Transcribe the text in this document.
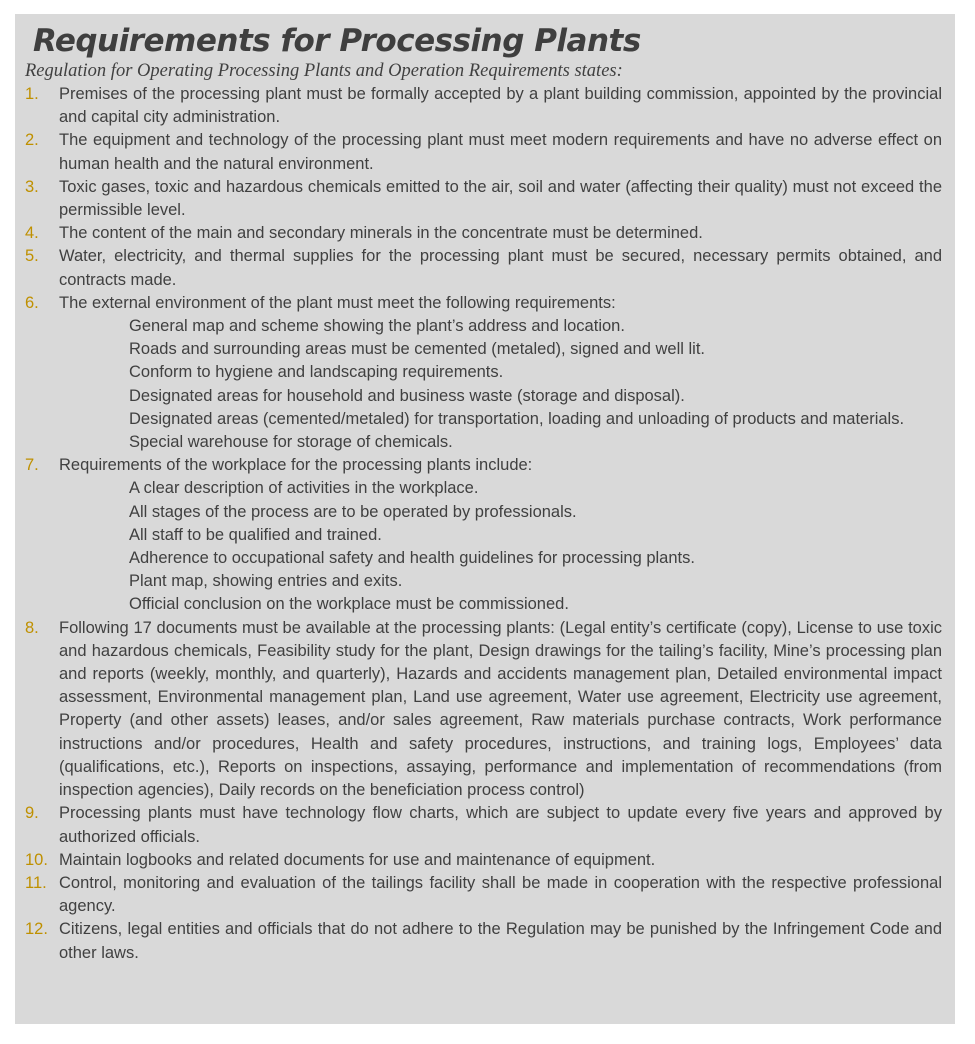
Requirements for Processing Plants

Regulation for Operating Processing Plants and Operation Requirements states:

1. Premises of the processing plant must be formally accepted by a plant building commission, appointed by the provincial and capital city administration.
2. The equipment and technology of the processing plant must meet modern requirements and have no adverse effect on human health and the natural environment.
3. Toxic gases, toxic and hazardous chemicals emitted to the air, soil and water (affecting their quality) must not exceed the permissible level.
4. The content of the main and secondary minerals in the concentrate must be determined.
5. Water, electricity, and thermal supplies for the processing plant must be secured, necessary permits obtained, and contracts made.
6. The external environment of the plant must meet the following requirements:
General map and scheme showing the plant’s address and location.
Roads and surrounding areas must be cemented (metaled), signed and well lit.
Conform to hygiene and landscaping requirements.
Designated areas for household and business waste (storage and disposal).
Designated areas (cemented/metaled) for transportation, loading and unloading of products and materials.
Special warehouse for storage of chemicals.
7. Requirements of the workplace for the processing plants include:
A clear description of activities in the workplace.
All stages of the process are to be operated by professionals.
All staff to be qualified and trained.
Adherence to occupational safety and health guidelines for processing plants.
Plant map, showing entries and exits.
Official conclusion on the workplace must be commissioned.
8. Following 17 documents must be available at the processing plants: (Legal entity’s certificate (copy), License to use toxic and hazardous chemicals, Feasibility study for the plant, Design drawings for the tailing’s facility, Mine’s processing plan and reports (weekly, monthly, and quarterly), Hazards and accidents management plan, Detailed environmental impact assessment, Environmental management plan, Land use agreement, Water use agreement, Electricity use agreement, Property (and other assets) leases, and/or sales agreement, Raw materials purchase contracts, Work performance instructions and/or procedures, Health and safety procedures, instructions, and training logs, Employees’ data (qualifications, etc.), Reports on inspections, assaying, performance and implementation of recommendations (from inspection agencies), Daily records on the beneficiation process control)
9. Processing plants must have technology flow charts, which are subject to update every five years and approved by authorized officials.
10. Maintain logbooks and related documents for use and maintenance of equipment.
11. Control, monitoring and evaluation of the tailings facility shall be made in cooperation with the respective professional agency.
12. Citizens, legal entities and officials that do not adhere to the Regulation may be punished by the Infringement Code and other laws.
